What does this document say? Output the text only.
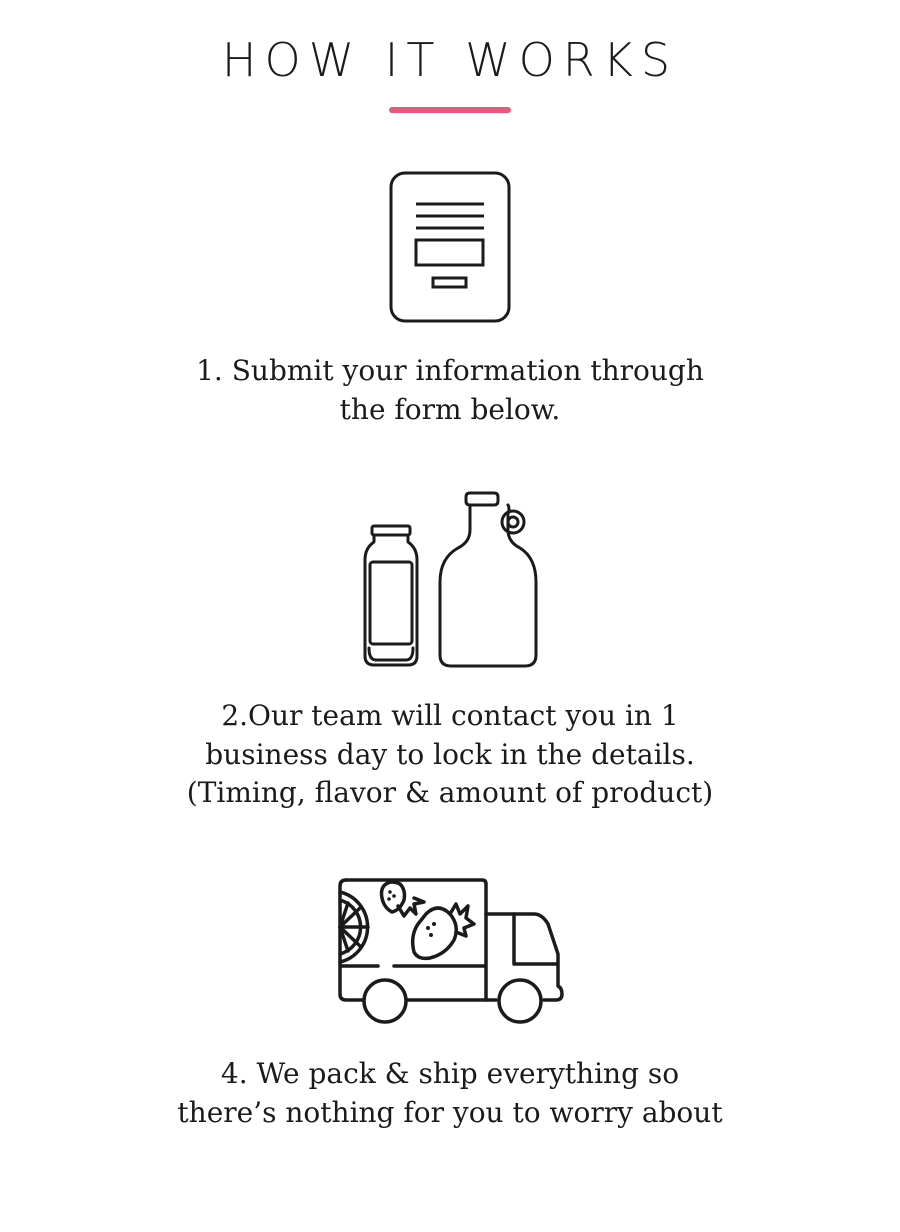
HOW IT WORKS
1. Submit your information through
the form below.
2.Our team will contact you in 1
business day to lock in the details.
(Timing, flavor & amount of product)
4. We pack & ship everything so
there’s nothing for you to worry about
